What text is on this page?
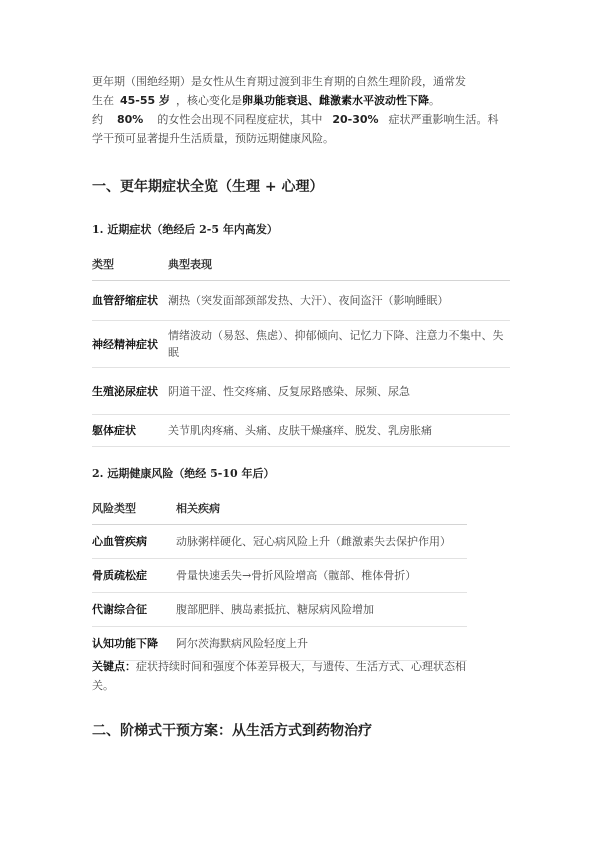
更年期（围绝经期）是女性从生育期过渡到非生育期的自然生理阶段，通常发
生在 45-55 岁 ，核心变化是卵巢功能衰退、雌激素水平波动性下降。
约 80% 的女性会出现不同程度症状，其中 20-30% 症状严重影响生活。科
学干预可显著提升生活质量，预防远期健康风险。

一、更年期症状全览（生理 + 心理）
1. 近期症状（绝经后 2-5 年内高发）
类型	典型表现
血管舒缩症状	潮热（突发面部颈部发热、大汗）、夜间盗汗（影响睡眠）
神经精神症状	情绪波动（易怒、焦虑）、抑郁倾向、记忆力下降、注意力不集中、失眠
生殖泌尿症状	阴道干涩、性交疼痛、反复尿路感染、尿频、尿急
躯体症状	关节肌肉疼痛、头痛、皮肤干燥瘙痒、脱发、乳房胀痛
2. 远期健康风险（绝经 5-10 年后）
风险类型	相关疾病
心血管疾病	动脉粥样硬化、冠心病风险上升（雌激素失去保护作用）
骨质疏松症	骨量快速丢失→骨折风险增高（髋部、椎体骨折）
代谢综合征	腹部肥胖、胰岛素抵抗、糖尿病风险增加
认知功能下降	阿尔茨海默病风险轻度上升

关键点：症状持续时间和强度个体差异极大，与遗传、生活方式、心理状态相
关。

二、阶梯式干预方案：从生活方式到药物治疗
